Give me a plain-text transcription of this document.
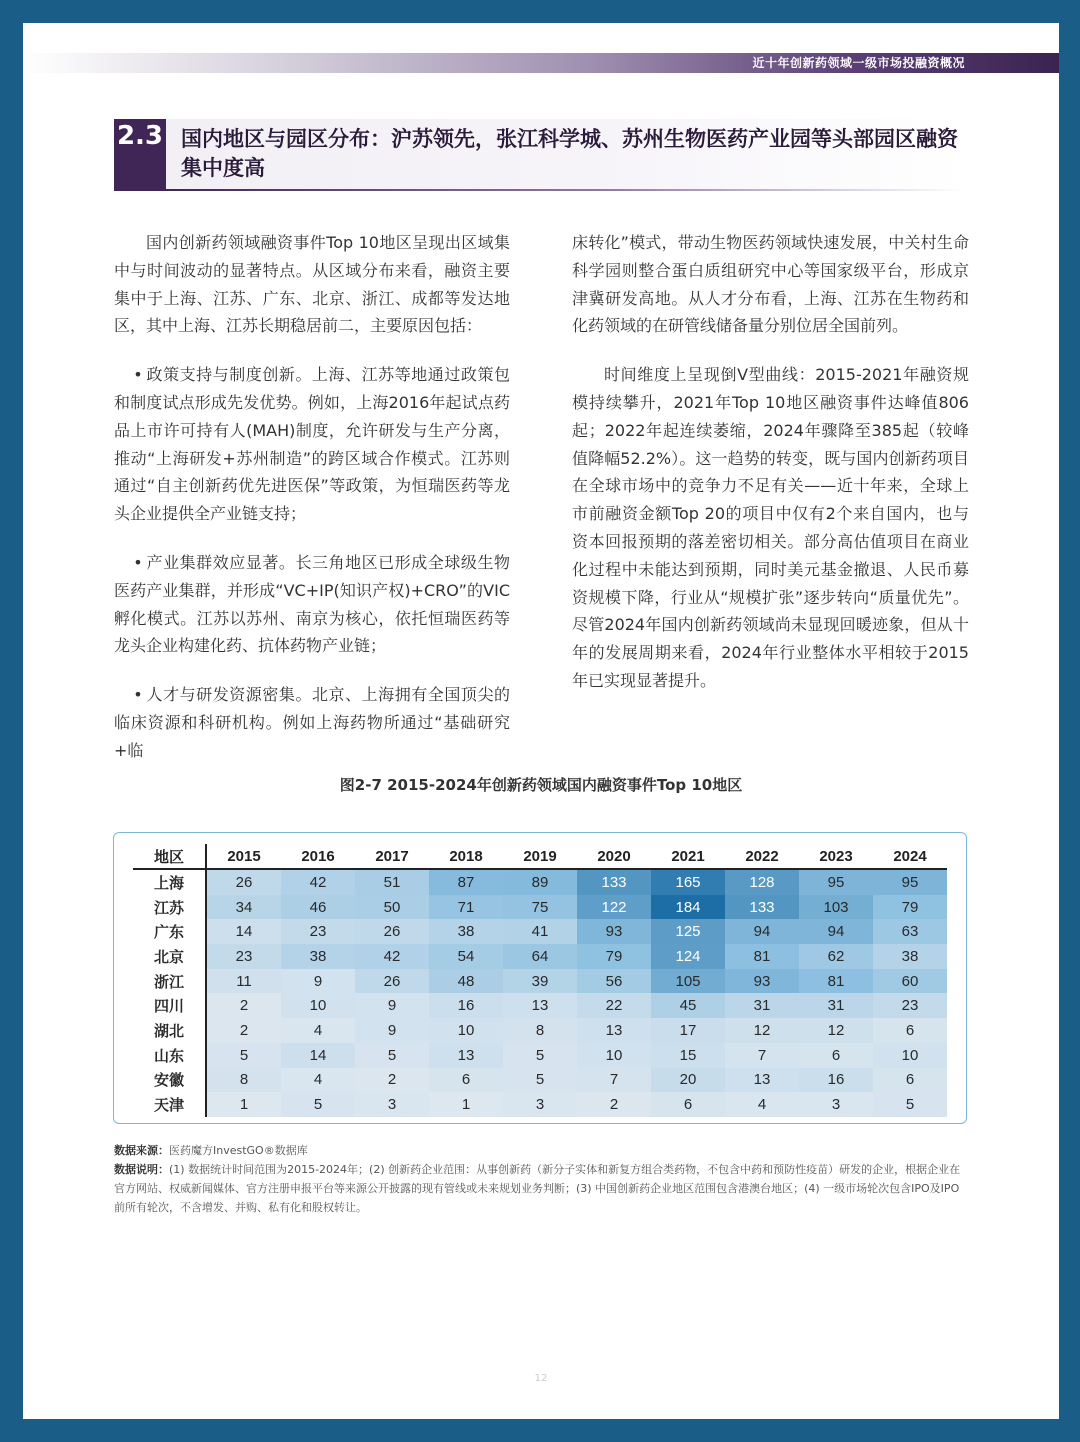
近十年创新药领域一级市场投融资概况
2.3 国内地区与园区分布：沪苏领先，张江科学城、苏州生物医药产业园等头部园区融资集中度高

国内创新药领域融资事件Top 10地区呈现出区域集中与时间波动的显著特点。从区域分布来看，融资主要集中于上海、江苏、广东、北京、浙江、成都等发达地区，其中上海、江苏长期稳居前二，主要原因包括：

• 政策支持与制度创新。上海、江苏等地通过政策包和制度试点形成先发优势。例如，上海2016年起试点药品上市许可持有人(MAH)制度，允许研发与生产分离，推动“上海研发+苏州制造”的跨区域合作模式。江苏则通过“自主创新药优先进医保”等政策，为恒瑞医药等龙头企业提供全产业链支持；

• 产业集群效应显著。长三角地区已形成全球级生物医药产业集群，并形成“VC+IP(知识产权)+CRO”的VIC孵化模式。江苏以苏州、南京为核心，依托恒瑞医药等龙头企业构建化药、抗体药物产业链；

• 人才与研发资源密集。北京、上海拥有全国顶尖的临床资源和科研机构。例如上海药物所通过“基础研究+临

床转化”模式，带动生物医药领域快速发展，中关村生命科学园则整合蛋白质组研究中心等国家级平台，形成京津冀研发高地。从人才分布看，上海、江苏在生物药和化药领域的在研管线储备量分别位居全国前列。

时间维度上呈现倒V型曲线：2015-2021年融资规模持续攀升，2021年Top 10地区融资事件达峰值806起；2022年起连续萎缩，2024年骤降至385起（较峰值降幅52.2%）。这一趋势的转变，既与国内创新药项目在全球市场中的竞争力不足有关——近十年来，全球上市前融资金额Top 20的项目中仅有2个来自国内，也与资本回报预期的落差密切相关。部分高估值项目在商业化过程中未能达到预期，同时美元基金撤退、人民币募资规模下降，行业从“规模扩张”逐步转向“质量优先”。尽管2024年国内创新药领域尚未显现回暖迹象，但从十年的发展周期来看，2024年行业整体水平相较于2015年已实现显著提升。

图2-7 2015-2024年创新药领域国内融资事件Top 10地区
地区	2015	2016	2017	2018	2019	2020	2021	2022	2023	2024
上海	26	42	51	87	89	133	165	128	95	95
江苏	34	46	50	71	75	122	184	133	103	79
广东	14	23	26	38	41	93	125	94	94	63
北京	23	38	42	54	64	79	124	81	62	38
浙江	11	9	26	48	39	56	105	93	81	60
四川	2	10	9	16	13	22	45	31	31	23
湖北	2	4	9	10	8	13	17	12	12	6
山东	5	14	5	13	5	10	15	7	6	10
安徽	8	4	2	6	5	7	20	13	16	6
天津	1	5	3	1	3	2	6	4	3	5

数据来源：医药魔方InvestGO®数据库

数据说明：(1) 数据统计时间范围为2015-2024年；(2) 创新药企业范围：从事创新药（新分子实体和新复方组合类药物，不包含中药和预防性疫苗）研发的企业，根据企业在官方网站、权威新闻媒体、官方注册申报平台等来源公开披露的现有管线或未来规划业务判断；(3) 中国创新药企业地区范围包含港澳台地区；(4) 一级市场轮次包含IPO及IPO前所有轮次，不含增发、并购、私有化和股权转让。

12
